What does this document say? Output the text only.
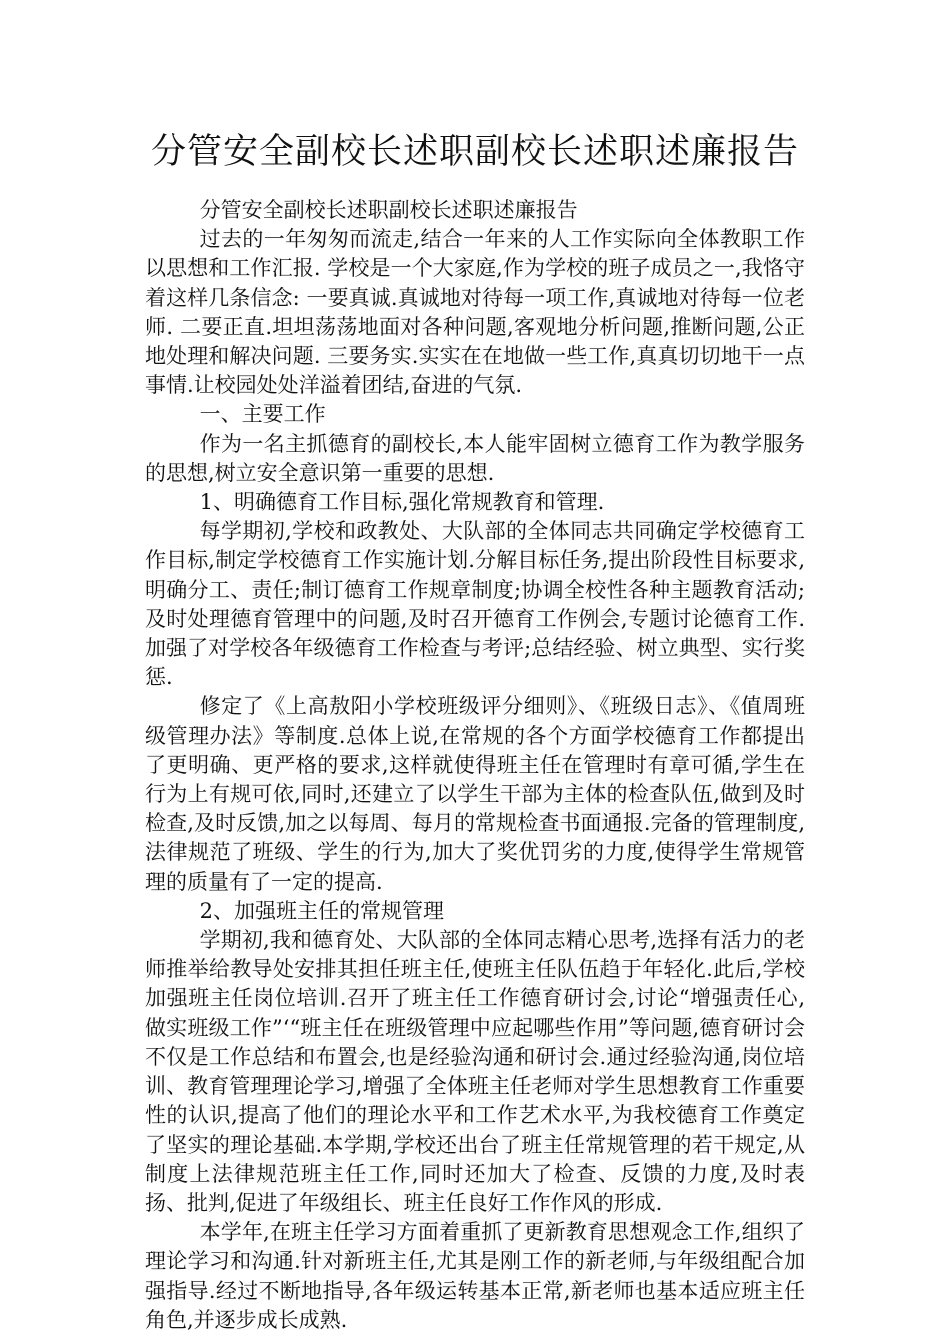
分管安全副校长述职副校长述职述廉报告

分管安全副校长述职副校长述职述廉报告

过去的一年匆匆而流走,结合一年来的人工作实际向全体教职工作以思想和工作汇报. 学校是一个大家庭,作为学校的班子成员之一,我恪守着这样几条信念: 一要真诚.真诚地对待每一项工作,真诚地对待每一位老师. 二要正直.坦坦荡荡地面对各种问题,客观地分析问题,推断问题,公正地处理和解决问题. 三要务实.实实在在地做一些工作,真真切切地干一点事情.让校园处处洋溢着团结,奋进的气氛.

一、主要工作

作为一名主抓德育的副校长,本人能牢固树立德育工作为教学服务的思想,树立安全意识第一重要的思想.

1、明确德育工作目标,强化常规教育和管理.

每学期初,学校和政教处、大队部的全体同志共同确定学校德育工作目标,制定学校德育工作实施计划.分解目标任务,提出阶段性目标要求,明确分工、责任;制订德育工作规章制度;协调全校性各种主题教育活动;及时处理德育管理中的问题,及时召开德育工作例会,专题讨论德育工作.加强了对学校各年级德育工作检查与考评;总结经验、树立典型、实行奖惩.

修定了《上高敖阳小学校班级评分细则》、《班级日志》、《值周班级管理办法》等制度.总体上说,在常规的各个方面学校德育工作都提出了更明确、更严格的要求,这样就使得班主任在管理时有章可循,学生在行为上有规可依,同时,还建立了以学生干部为主体的检查队伍,做到及时检查,及时反馈,加之以每周、每月的常规检查书面通报.完备的管理制度,法律规范了班级、学生的行为,加大了奖优罚劣的力度,使得学生常规管理的质量有了一定的提高.

2、加强班主任的常规管理

学期初,我和德育处、大队部的全体同志精心思考,选择有活力的老师推举给教导处安排其担任班主任,使班主任队伍趋于年轻化.此后,学校加强班主任岗位培训.召开了班主任工作德育研讨会,讨论“增强责任心,做实班级工作”‘“班主任在班级管理中应起哪些作用”等问题,德育研讨会不仅是工作总结和布置会,也是经验沟通和研讨会.通过经验沟通,岗位培训、教育管理理论学习,增强了全体班主任老师对学生思想教育工作重要性的认识,提高了他们的理论水平和工作艺术水平,为我校德育工作奠定了坚实的理论基础.本学期,学校还出台了班主任常规管理的若干规定,从制度上法律规范班主任工作,同时还加大了检查、反馈的力度,及时表扬、批判,促进了年级组长、班主任良好工作作风的形成.

本学年,在班主任学习方面着重抓了更新教育思想观念工作,组织了理论学习和沟通.针对新班主任,尤其是刚工作的新老师,与年级组配合加强指导.经过不断地指导,各年级运转基本正常,新老师也基本适应班主任角色,并逐步成长成熟.
